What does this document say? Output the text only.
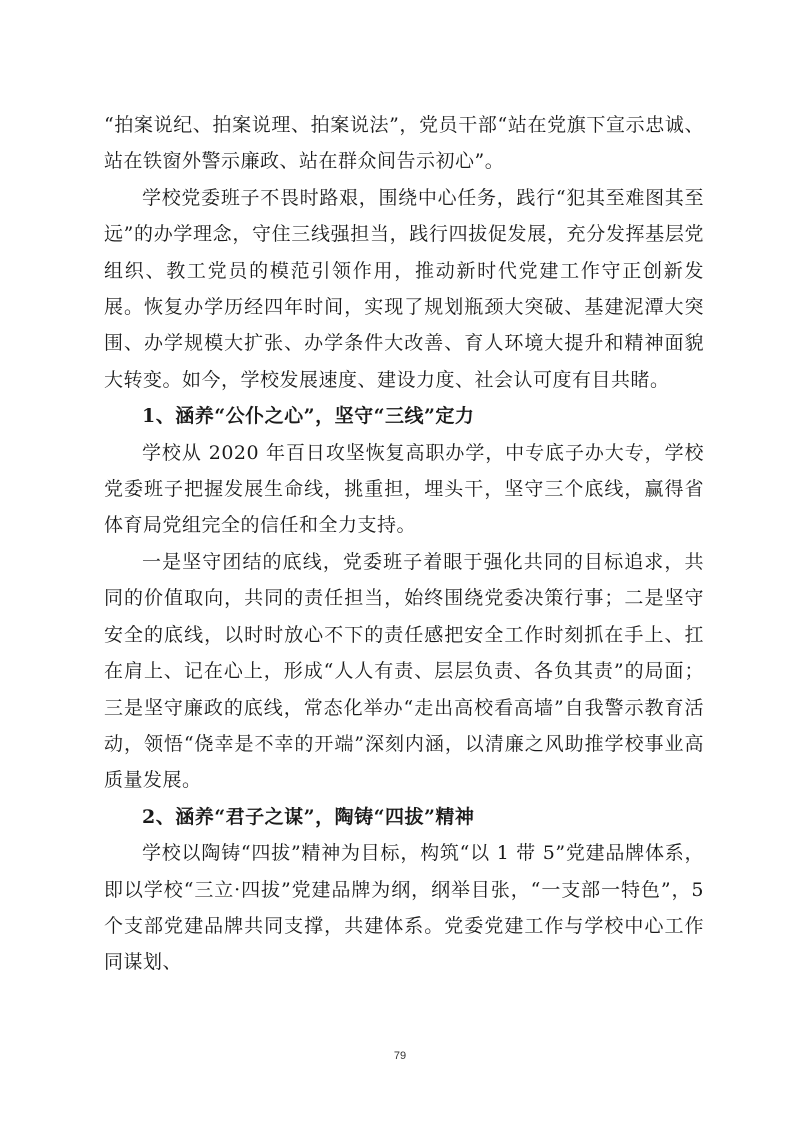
“拍案说纪、拍案说理、拍案说法”，党员干部“站在党旗下宣示忠诚、站在铁窗外警示廉政、站在群众间告示初心”。

学校党委班子不畏时路艰，围绕中心任务，践行“犯其至难图其至远”的办学理念，守住三线强担当，践行四拔促发展，充分发挥基层党组织、教工党员的模范引领作用，推动新时代党建工作守正创新发展。恢复办学历经四年时间，实现了规划瓶颈大突破、基建泥潭大突围、办学规模大扩张、办学条件大改善、育人环境大提升和精神面貌大转变。如今，学校发展速度、建设力度、社会认可度有目共睹。

1、涵养“公仆之心”，坚守“三线”定力

学校从 2020 年百日攻坚恢复高职办学，中专底子办大专，学校党委班子把握发展生命线，挑重担，埋头干，坚守三个底线，赢得省体育局党组完全的信任和全力支持。

一是坚守团结的底线，党委班子着眼于强化共同的目标追求，共同的价值取向，共同的责任担当，始终围绕党委决策行事；二是坚守安全的底线，以时时放心不下的责任感把安全工作时刻抓在手上、扛在肩上、记在心上，形成“人人有责、层层负责、各负其责”的局面；三是坚守廉政的底线，常态化举办“走出高校看高墙”自我警示教育活动，领悟“侥幸是不幸的开端”深刻内涵，以清廉之风助推学校事业高质量发展。

2、涵养“君子之谋”，陶铸“四拔”精神

学校以陶铸“四拔”精神为目标，构筑“以 1 带 5”党建品牌体系，即以学校“三立·四拔”党建品牌为纲，纲举目张，“一支部一特色”，5 个支部党建品牌共同支撑，共建体系。党委党建工作与学校中心工作同谋划、

79
